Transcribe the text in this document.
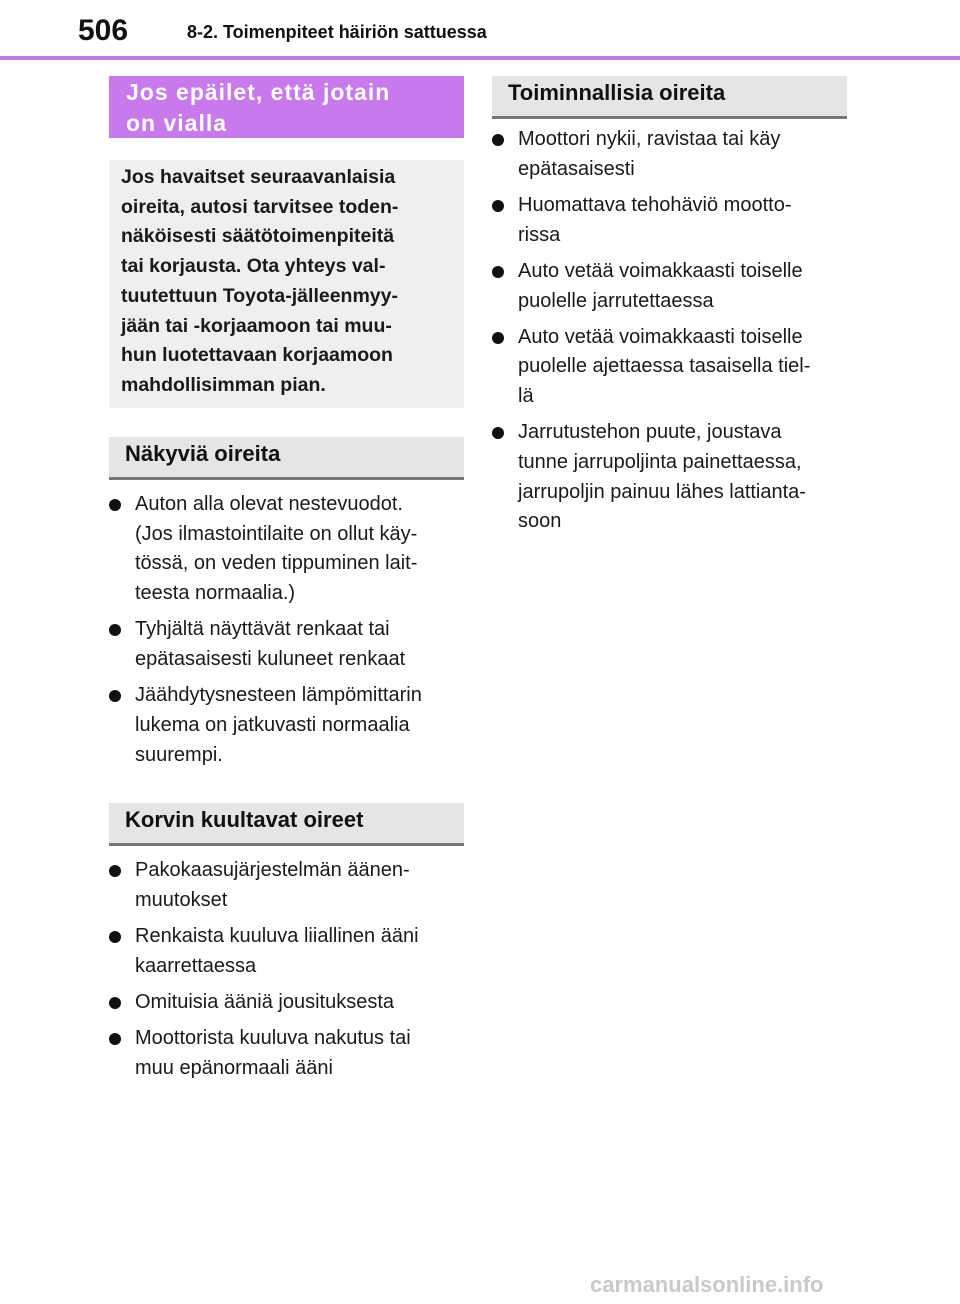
506	8-2. Toimenpiteet häiriön sattuessa
Jos epäilet, että jotain
on vialla
Jos havaitset seuraavanlaisia
oireita, autosi tarvitsee toden-
näköisesti säätötoimenpiteitä
tai korjausta. Ota yhteys val-
tuutettuun Toyota-jälleenmyy-
jään tai -korjaamoon tai muu-
hun luotettavaan korjaamoon
mahdollisimman pian.
Näkyviä oireita
Auton alla olevat nestevuodot.
(Jos ilmastointilaite on ollut käy-
tössä, on veden tippuminen lait-
teesta normaalia.)
Tyhjältä näyttävät renkaat tai
epätasaisesti kuluneet renkaat
Jäähdytysnesteen lämpömittarin
lukema on jatkuvasti normaalia
suurempi.
Korvin kuultavat oireet
Pakokaasujärjestelmän äänen-
muutokset
Renkaista kuuluva liiallinen ääni
kaarrettaessa
Omituisia ääniä jousituksesta
Moottorista kuuluva nakutus tai
muu epänormaali ääni
Toiminnallisia oireita
Moottori nykii, ravistaa tai käy
epätasaisesti
Huomattava tehohäviö mootto-
rissa
Auto vetää voimakkaasti toiselle
puolelle jarrutettaessa
Auto vetää voimakkaasti toiselle
puolelle ajettaessa tasaisella tiel-
lä
Jarrutustehon puute, joustava
tunne jarrupoljinta painettaessa,
jarrupoljin painuu lähes lattianta-
soon
carmanualsonline.info
